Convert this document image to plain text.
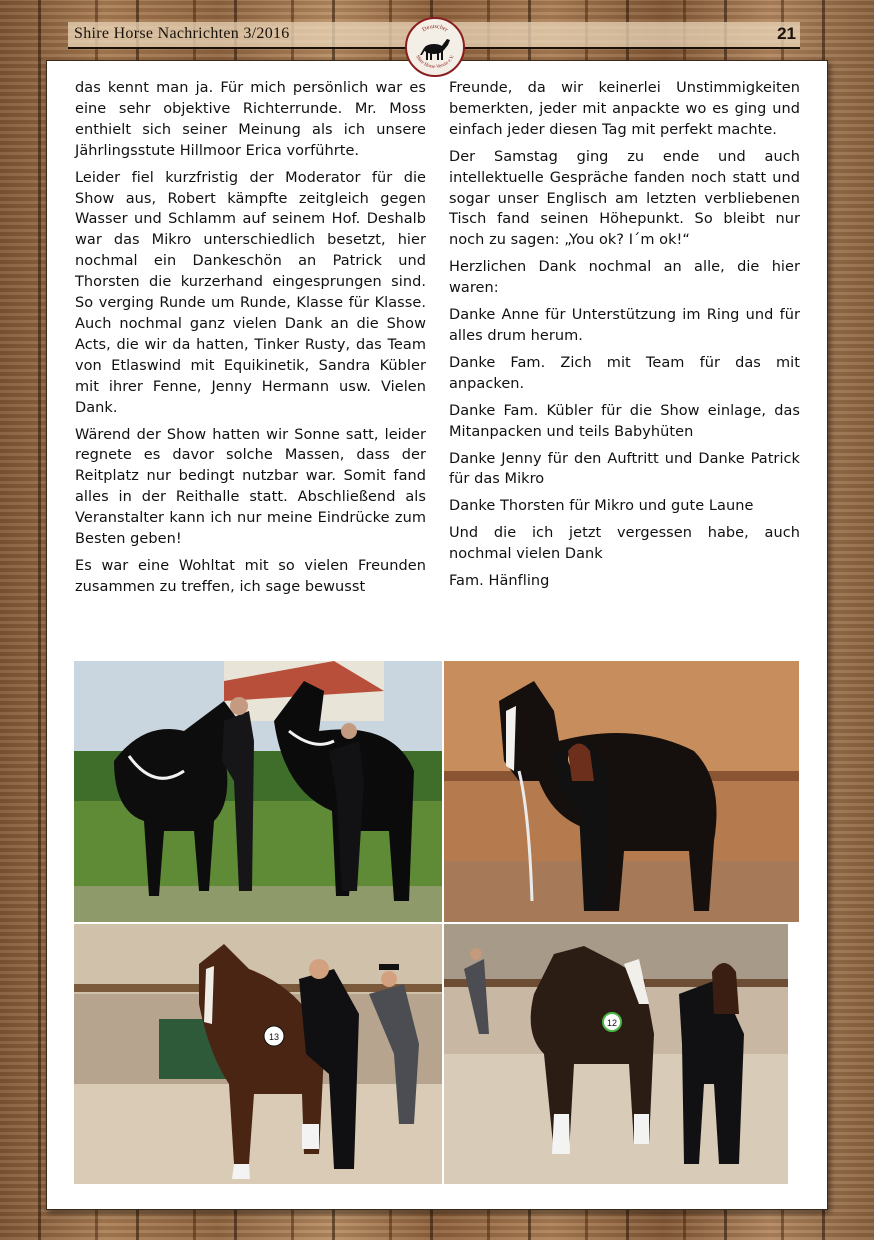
Shire Horse Nachrichten 3/2016	21
Deutscher
Shire Horse Verein e.V.

das kennt man ja. Für mich persönlich war es eine sehr objektive Richterrunde. Mr. Moss enthielt sich seiner Meinung als ich unsere Jährlingsstute Hillmoor Erica vorführte.

Leider fiel kurzfristig der Moderator für die Show aus, Robert kämpfte zeitgleich gegen Wasser und Schlamm auf seinem Hof. Deshalb war das Mikro unterschiedlich besetzt, hier nochmal ein Dankeschön an Patrick und Thorsten die kurzerhand eingesprungen sind. So verging Runde um Runde, Klasse für Klasse. Auch nochmal ganz vielen Dank an die Show Acts, die wir da hatten, Tinker Rusty, das Team von Etlaswind mit Equikinetik, Sandra Kübler mit ihrer Fenne, Jenny Hermann usw. Vielen Dank.

Wärend der Show hatten wir Sonne satt, leider regnete es davor solche Massen, dass der Reitplatz nur bedingt nutzbar war. Somit fand alles in der Reithalle statt. Abschließend als Veranstalter kann ich nur meine Eindrücke zum Besten geben!

Es war eine Wohltat mit so vielen Freunden zusammen zu treffen, ich sage bewusst

Freunde, da wir keinerlei Unstimmigkeiten bemerkten, jeder mit anpackte wo es ging und einfach jeder diesen Tag mit perfekt machte.

Der Samstag ging zu ende und auch intellektuelle Gespräche fanden noch statt und sogar unser Englisch am letzten verbliebenen Tisch fand seinen Höhepunkt. So bleibt nur noch zu sagen: „You ok? I´m ok!“

Herzlichen Dank nochmal an alle, die hier waren:

Danke Anne für Unterstützung im Ring und für alles drum herum.

Danke Fam. Zich mit Team für das mit anpacken.

Danke Fam. Kübler für die Show einlage, das Mitanpacken und teils Babyhüten

Danke Jenny für den Auftritt und Danke Patrick für das Mikro

Danke Thorsten für Mikro und gute Laune

Und die ich jetzt vergessen habe, auch nochmal vielen Dank

Fam. Hänfling

13
12
